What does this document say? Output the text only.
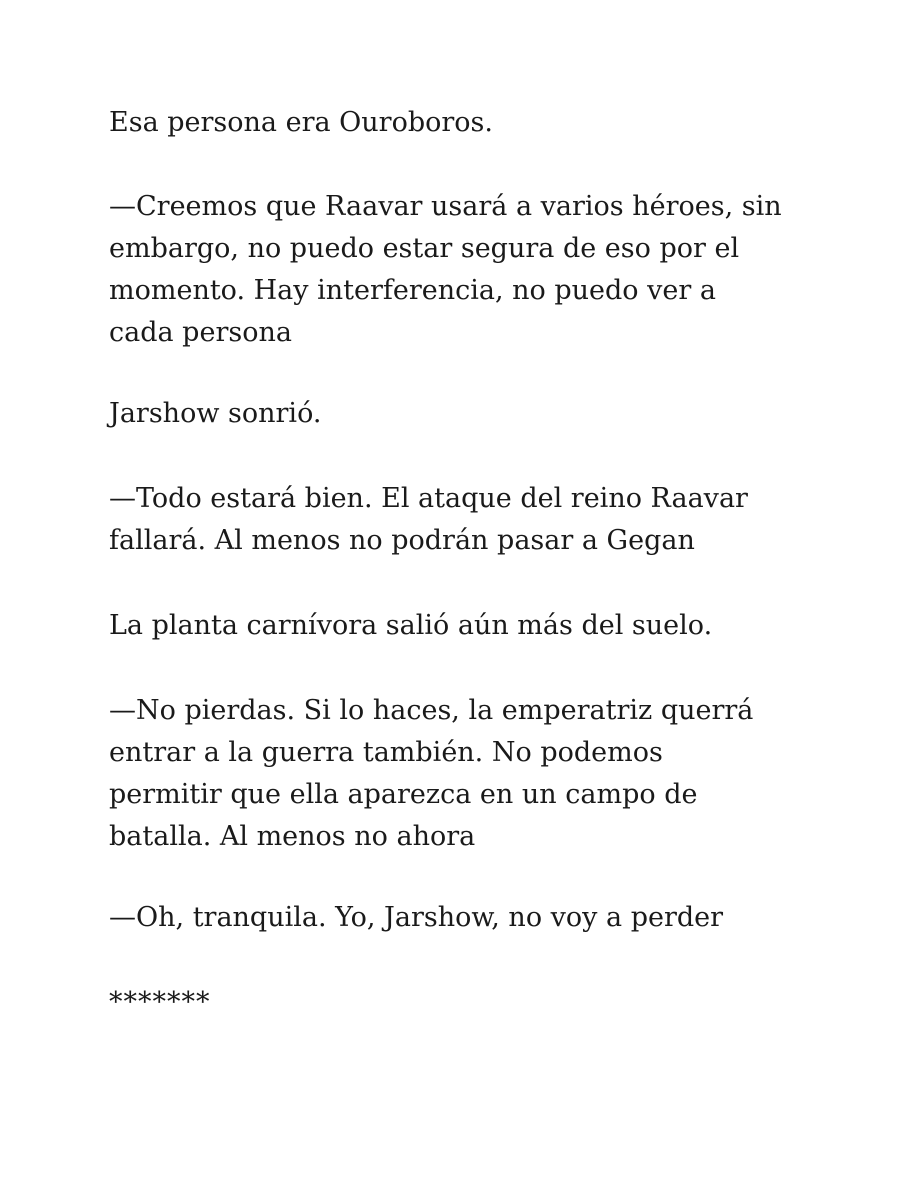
Esa persona era Ouroboros.
—Creemos que Raavar usará a varios héroes, sin
embargo, no puedo estar segura de eso por el
momento. Hay interferencia, no puedo ver a
cada persona
Jarshow sonrió.
—Todo estará bien. El ataque del reino Raavar
fallará. Al menos no podrán pasar a Gegan
La planta carnívora salió aún más del suelo.
—No pierdas. Si lo haces, la emperatriz querrá
entrar a la guerra también. No podemos
permitir que ella aparezca en un campo de
batalla. Al menos no ahora
—Oh, tranquila. Yo, Jarshow, no voy a perder
*******
